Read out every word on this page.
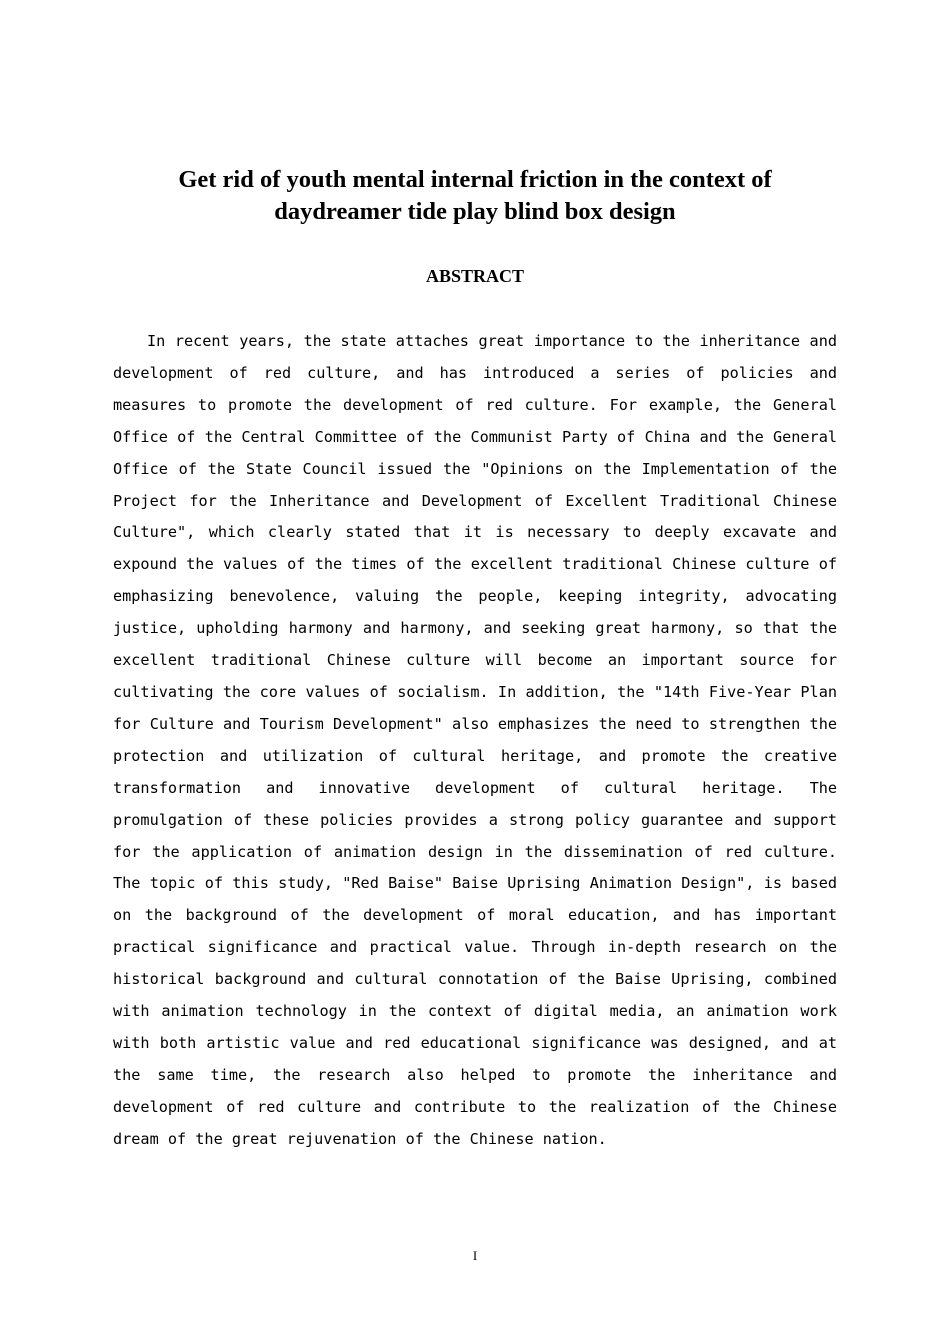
Get rid of youth mental internal friction in the context of daydreamer tide play blind box design
ABSTRACT

In recent years, the state attaches great importance to the inheritance and development of red culture, and has introduced a series of policies and measures to promote the development of red culture. For example, the General Office of the Central Committee of the Communist Party of China and the General Office of the State Council issued the "Opinions on the Implementation of the Project for the Inheritance and Development of Excellent Traditional Chinese Culture", which clearly stated that it is necessary to deeply excavate and expound the values of the times of the excellent traditional Chinese culture of emphasizing benevolence, valuing the people, keeping integrity, advocating justice, upholding harmony and harmony, and seeking great harmony, so that the excellent traditional Chinese culture will become an important source for cultivating the core values of socialism. In addition, the "14th Five-Year Plan for Culture and Tourism Development" also emphasizes the need to strengthen the protection and utilization of cultural heritage, and promote the creative transformation and innovative development of cultural heritage. The promulgation of these policies provides a strong policy guarantee and support for the application of animation design in the dissemination of red culture. The topic of this study, "Red Baise" Baise Uprising Animation Design", is based on the background of the development of moral education, and has important practical significance and practical value. Through in-depth research on the historical background and cultural connotation of the Baise Uprising, combined with animation technology in the context of digital media, an animation work with both artistic value and red educational significance was designed, and at the same time, the research also helped to promote the inheritance and development of red culture and contribute to the realization of the Chinese dream of the great rejuvenation of the Chinese nation.

I
